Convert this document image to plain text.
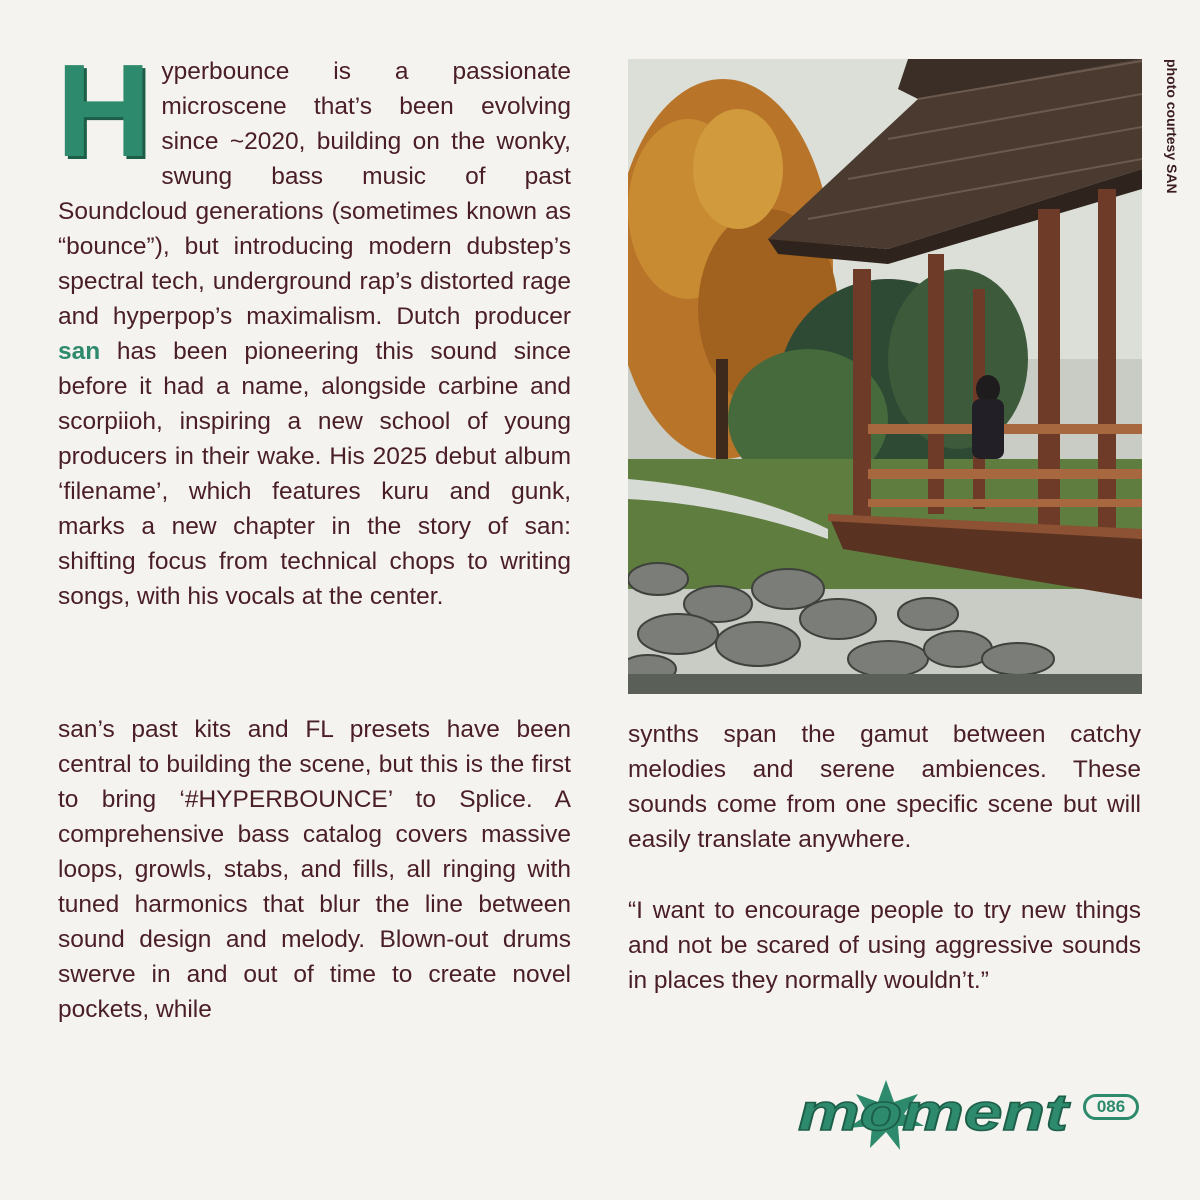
Hyperbounce is a passionate microscene that’s been evolving since ~2020, building on the wonky, swung bass music of past Soundcloud generations (sometimes known as “bounce”), but introducing modern dubstep’s spectral tech, underground rap’s distorted rage and hyperpop’s maximalism. Dutch producer san has been pioneering this sound since before it had a name, alongside carbine and scorpiioh, inspiring a new school of young producers in their wake. His 2025 debut album ‘filename’, which features kuru and gunk, marks a new chapter in the story of san: shifting focus from technical chops to writing songs, with his vocals at the center.

san’s past kits and FL presets have been central to building the scene, but this is the first to bring ‘#HYPERBOUNCE’ to Splice. A comprehensive bass catalog covers massive loops, growls, stabs, and fills, all ringing with tuned harmonics that blur the line between sound design and melody. Blown-out drums swerve in and out of time to create novel pockets, while

photo courtesy SAN

synths span the gamut between catchy melodies and serene ambiences. These sounds come from one specific scene but will easily translate anywhere.

“I want to encourage people to try new things and not be scared of using aggressive sounds in places they normally wouldn’t.”

moment	086
